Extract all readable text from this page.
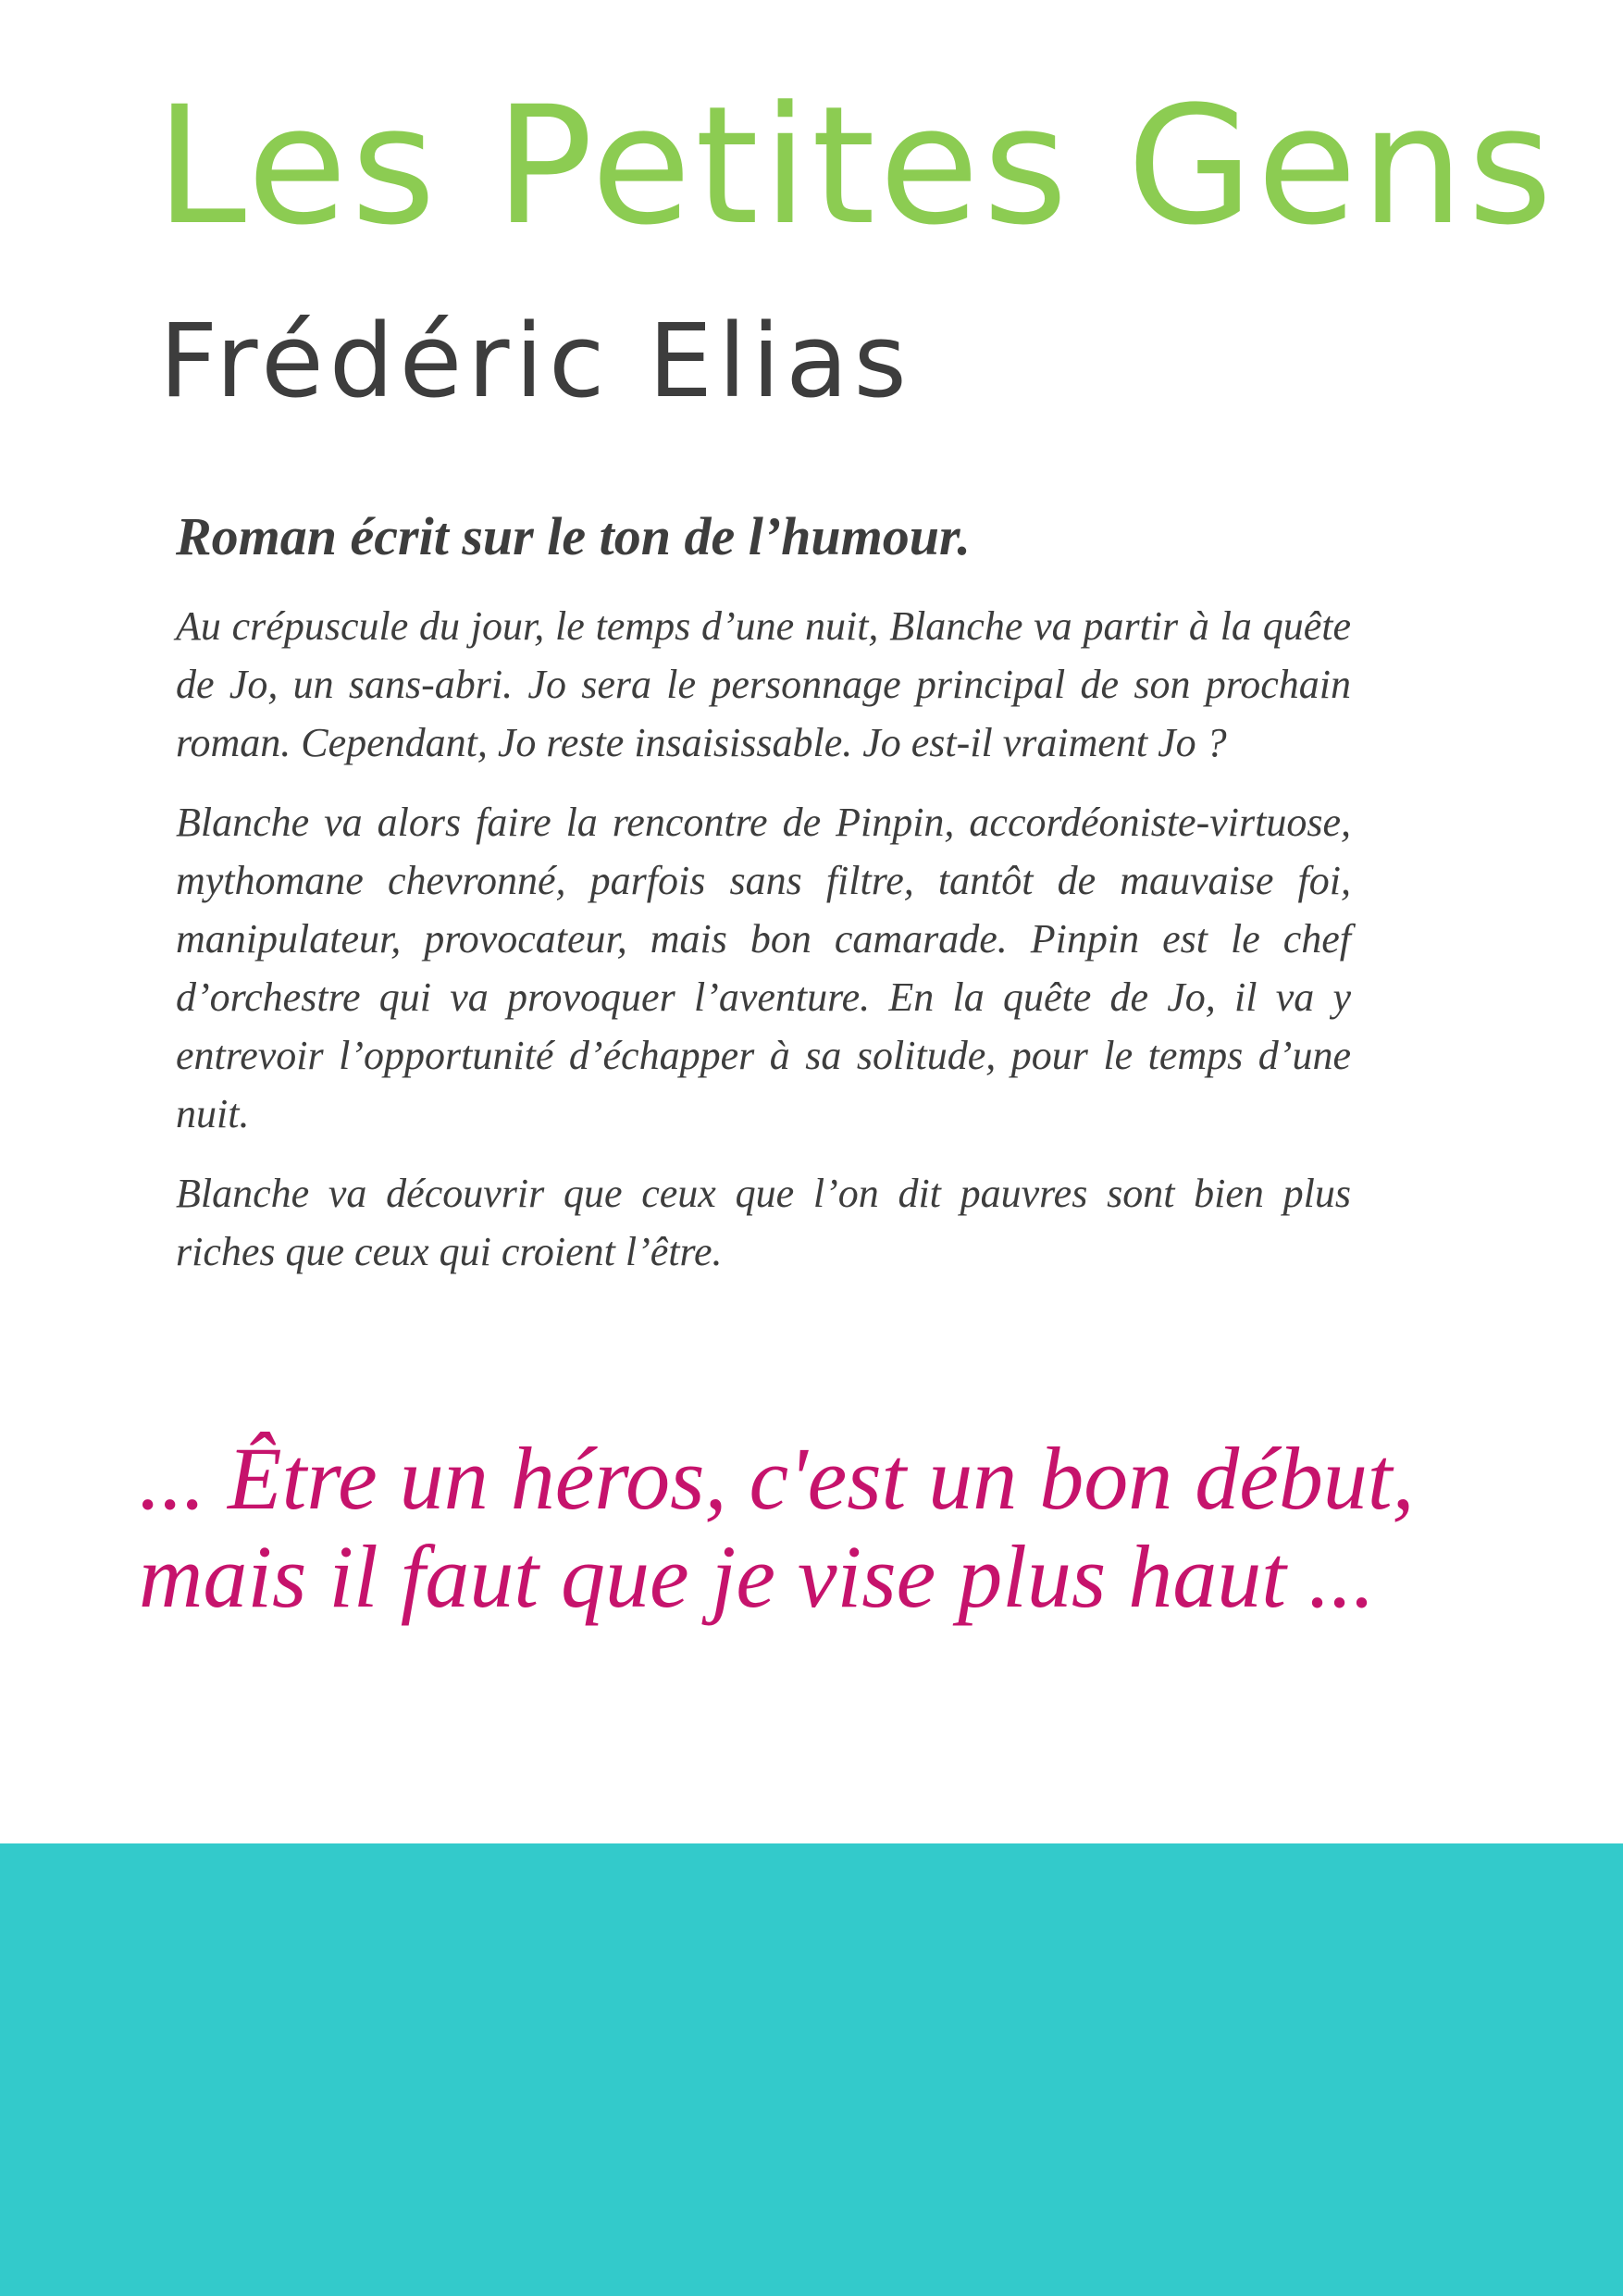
Les Petites Gens
Frédéric Elias

Roman écrit sur le ton de l’humour.

Au crépuscule du jour, le temps d’une nuit, Blanche va partir à la quête de Jo, un sans-abri. Jo sera le personnage principal de son prochain roman. Cependant, Jo reste insaisissable. Jo est-il vraiment Jo ?

Blanche va alors faire la rencontre de Pinpin, accordéoniste-virtuose, mythomane chevronné, parfois sans filtre, tantôt de mauvaise foi, manipulateur, provocateur, mais bon camarade. Pinpin est le chef d’orchestre qui va provoquer l’aventure. En la quête de Jo, il va y entrevoir l’opportunité d’échapper à sa solitude, pour le temps d’une nuit.

Blanche va découvrir que ceux que l’on dit pauvres sont bien plus riches que ceux qui croient l’être.

... Être un héros, c'est un bon début,
mais il faut que je vise plus haut ...
